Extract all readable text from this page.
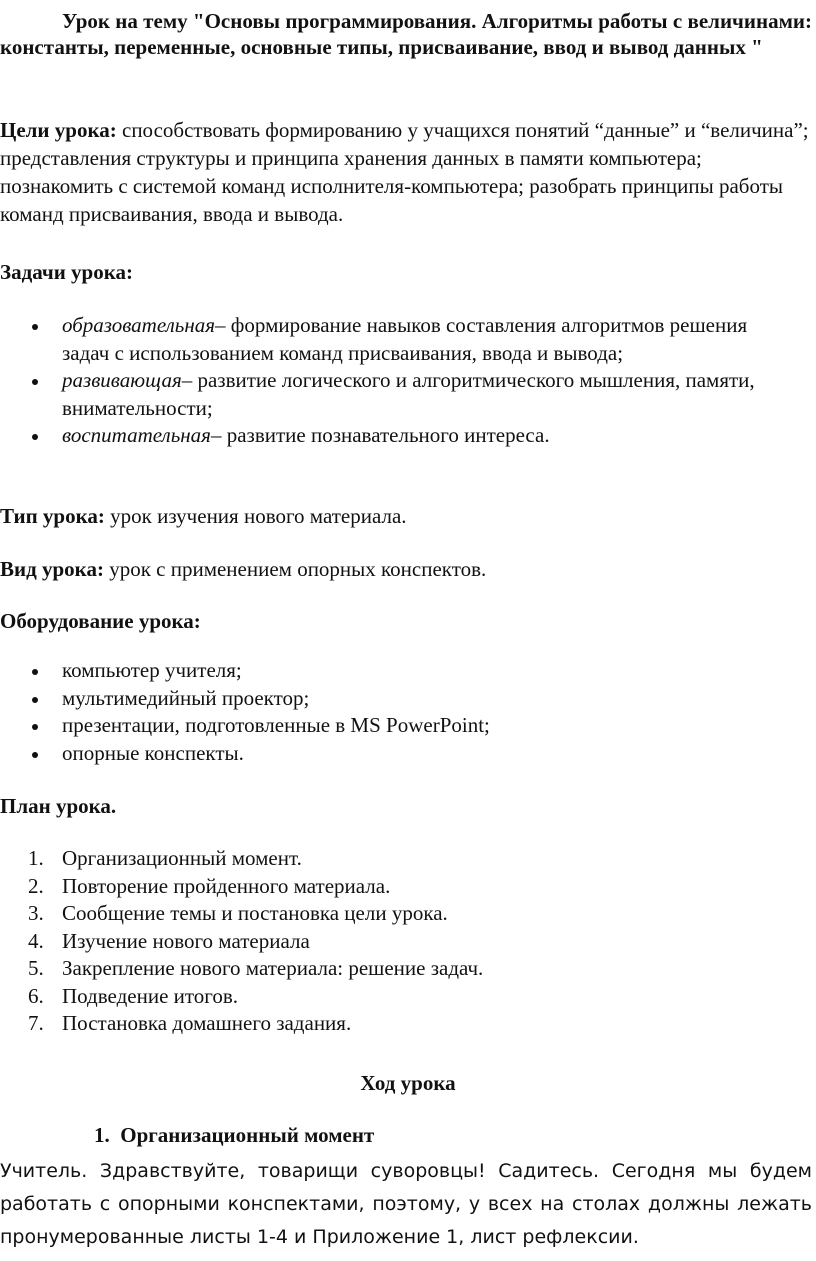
Урок на тему "Основы программирования. Алгоритмы работы с величинами: константы, переменные, основные типы, присваивание, ввод и вывод данных "
Цели урока: способствовать формированию у учащихся понятий “данные” и “величина”; представления структуры и принципа хранения данных в памяти компьютера; познакомить с системой команд исполнителя-компьютера; разобрать принципы работы команд присваивания, ввода и вывода.
Задачи урока:
образовательная– формирование навыков составления алгоритмов решения задач с использованием команд присваивания, ввода и вывода;
развивающая– развитие логического и алгоритмического мышления, памяти, внимательности;
воспитательная– развитие познавательного интереса.
Тип урока: урок изучения нового материала.
Вид урока: урок с применением опорных конспектов.
Оборудование урока:
компьютер учителя;
мультимедийный проектор;
презентации, подготовленные в MS PowerPoint;
опорные конспекты.
План урока.
1. Организационный момент.
2. Повторение пройденного материала.
3. Сообщение темы и постановка цели урока.
4. Изучение нового материала
5. Закрепление нового материала: решение задач.
6. Подведение итогов.
7. Постановка домашнего задания.
Ход урока
1. Организационный момент
Учитель. Здравствуйте, товарищи суворовцы! Садитесь. Сегодня мы будем работать с опорными конспектами, поэтому, у всех на столах должны лежать пронумерованные листы 1-4 и Приложение 1, лист рефлексии.
